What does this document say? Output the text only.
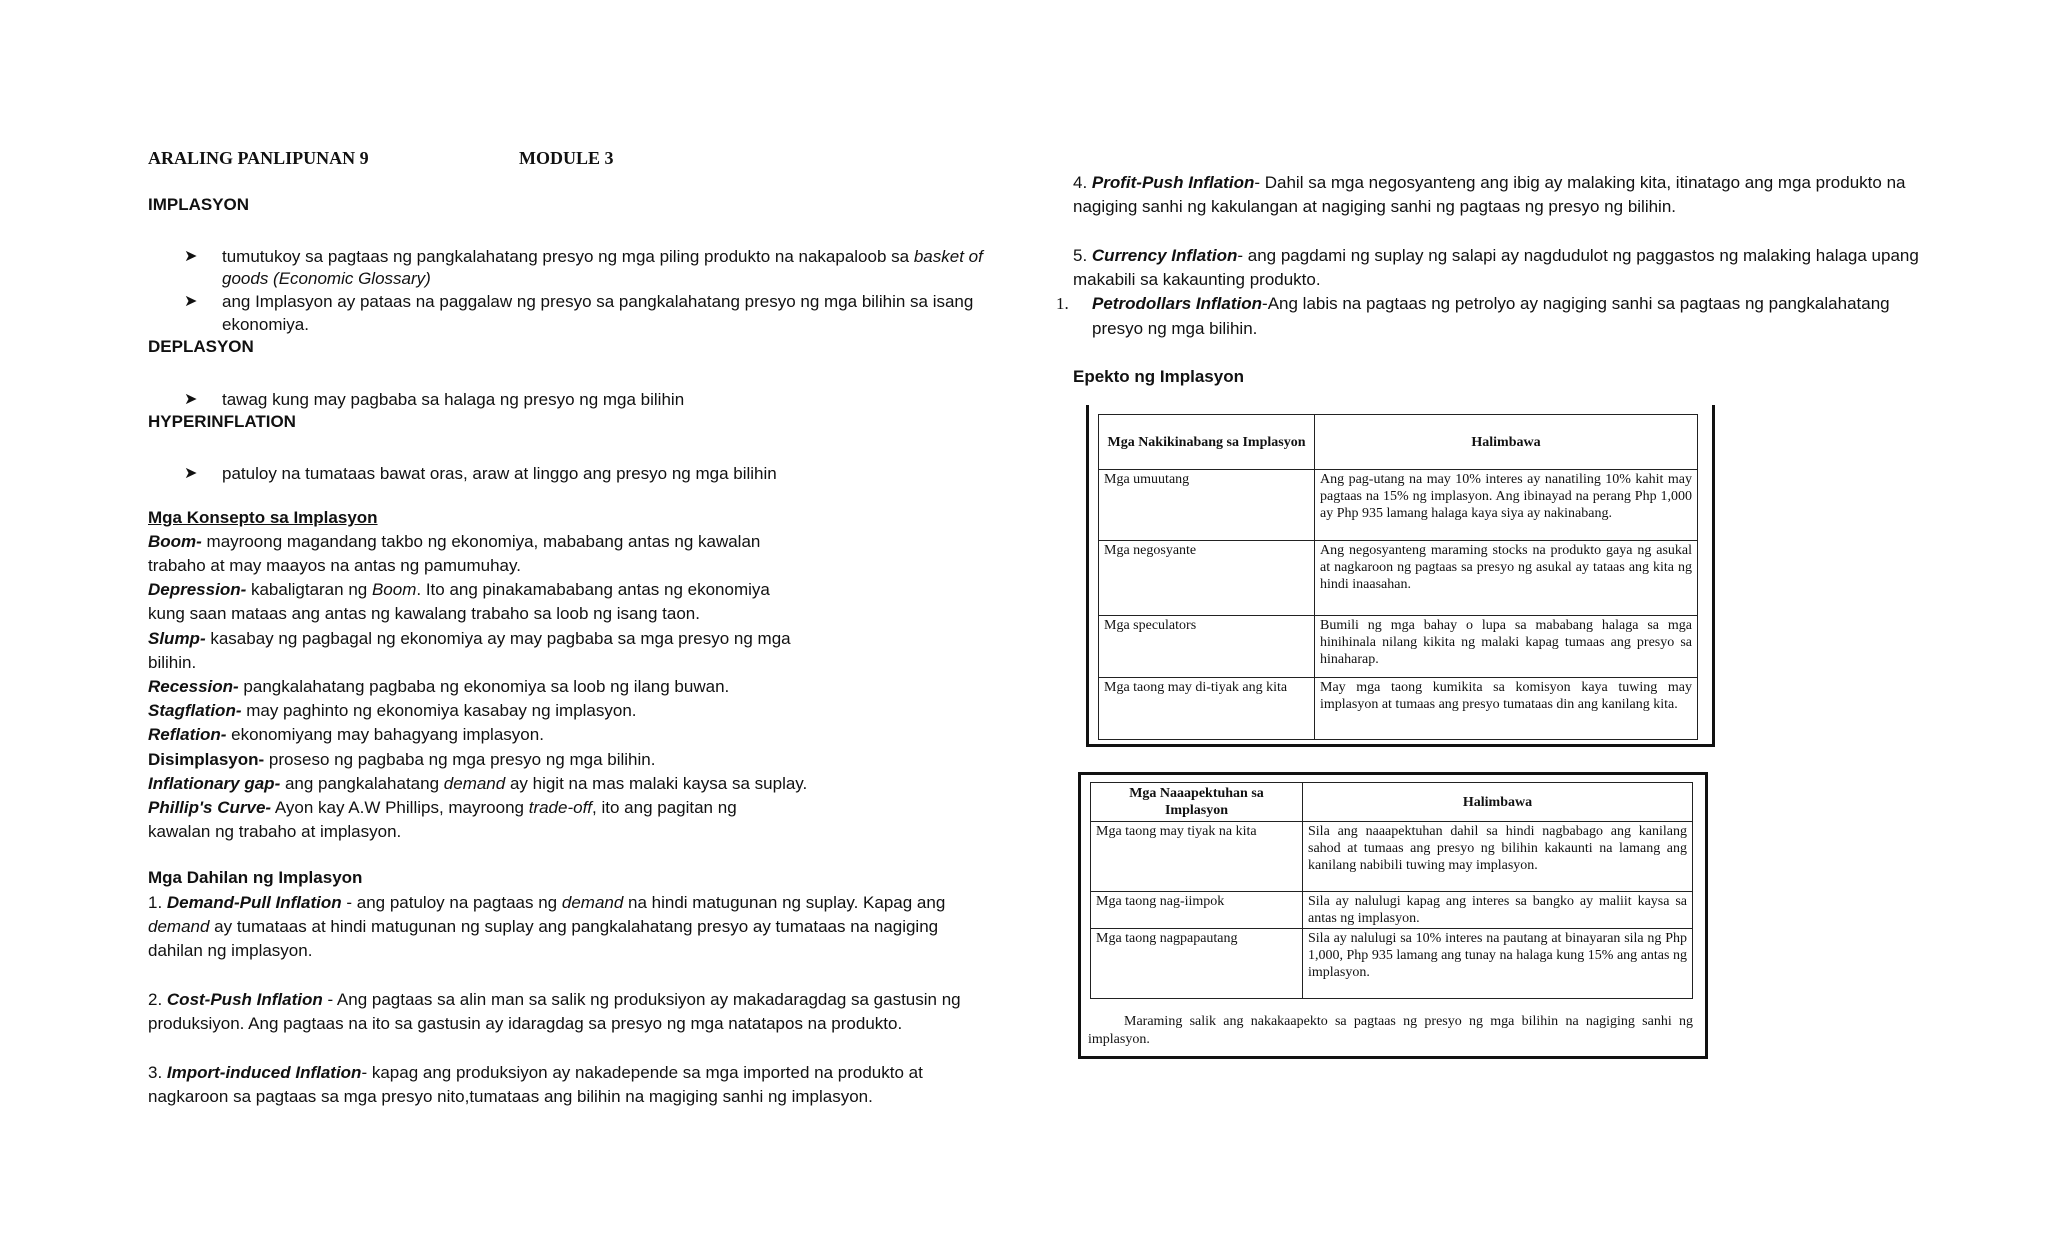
ARALING PANLIPUNAN 9	MODULE 3
IMPLASYON
➤ tumutukoy sa pagtaas ng pangkalahatang presyo ng mga piling produkto na nakapaloob sa basket of
goods (Economic Glossary)
➤ ang Implasyon ay pataas na paggalaw ng presyo sa pangkalahatang presyo ng mga bilihin sa isang
ekonomiya.
DEPLASYON
➤ tawag kung may pagbaba sa halaga ng presyo ng mga bilihin
HYPERINFLATION
➤ patuloy na tumataas bawat oras, araw at linggo ang presyo ng mga bilihin
Mga Konsepto sa Implasyon
Boom- mayroong magandang takbo ng ekonomiya, mababang antas ng kawalan
trabaho at may maayos na antas ng pamumuhay.
Depression- kabaligtaran ng Boom. Ito ang pinakamababang antas ng ekonomiya
kung saan mataas ang antas ng kawalang trabaho sa loob ng isang taon.
Slump- kasabay ng pagbagal ng ekonomiya ay may pagbaba sa mga presyo ng mga
bilihin.
Recession- pangkalahatang pagbaba ng ekonomiya sa loob ng ilang buwan.
Stagflation- may paghinto ng ekonomiya kasabay ng implasyon.
Reflation- ekonomiyang may bahagyang implasyon.
Disimplasyon- proseso ng pagbaba ng mga presyo ng mga bilihin.
Inflationary gap- ang pangkalahatang demand ay higit na mas malaki kaysa sa suplay.
Phillip's Curve- Ayon kay A.W Phillips, mayroong trade-off, ito ang pagitan ng
kawalan ng trabaho at implasyon.
Mga Dahilan ng Implasyon
1. Demand-Pull Inflation - ang patuloy na pagtaas ng demand na hindi matugunan ng suplay. Kapag ang
demand ay tumataas at hindi matugunan ng suplay ang pangkalahatang presyo ay tumataas na nagiging
dahilan ng implasyon.
2. Cost-Push Inflation - Ang pagtaas sa alin man sa salik ng produksiyon ay makadaragdag sa gastusin ng
produksiyon. Ang pagtaas na ito sa gastusin ay idaragdag sa presyo ng mga natatapos na produkto.
3. Import-induced Inflation- kapag ang produksiyon ay nakadepende sa mga imported na produkto at
nagkaroon sa pagtaas sa mga presyo nito,tumataas ang bilihin na magiging sanhi ng implasyon.
4. Profit-Push Inflation- Dahil sa mga negosyanteng ang ibig ay malaking kita, itinatago ang mga produkto na
nagiging sanhi ng kakulangan at nagiging sanhi ng pagtaas ng presyo ng bilihin.
5. Currency Inflation- ang pagdami ng suplay ng salapi ay nagdudulot ng paggastos ng malaking halaga upang
makabili sa kakaunting produkto.
1. Petrodollars Inflation-Ang labis na pagtaas ng petrolyo ay nagiging sanhi sa pagtaas ng pangkalahatang
presyo ng mga bilihin.
Epekto ng Implasyon
Mga Nakikinabang sa Implasyon	Halimbawa
Mga umuutang	Ang pag-utang na may 10% interes ay nanatiling 10% kahit may pagtaas na 15% ng implasyon. Ang ibinayad na perang Php 1,000 ay Php 935 lamang halaga kaya siya ay nakinabang.
Mga negosyante	Ang negosyanteng maraming stocks na produkto gaya ng asukal at nagkaroon ng pagtaas sa presyo ng asukal ay tataas ang kita ng hindi inaasahan.
Mga speculators	Bumili ng mga bahay o lupa sa mababang halaga sa mga hinihinala nilang kikita ng malaki kapag tumaas ang presyo sa hinaharap.
Mga taong may di-tiyak ang kita	May mga taong kumikita sa komisyon kaya tuwing may implasyon at tumaas ang presyo tumataas din ang kanilang kita.
Mga Naaapektuhan sa Implasyon	Halimbawa
Mga taong may tiyak na kita	Sila ang naaapektuhan dahil sa hindi nagbabago ang kanilang sahod at tumaas ang presyo ng bilihin kakaunti na lamang ang kanilang nabibili tuwing may implasyon.
Mga taong nag-iimpok	Sila ay nalulugi kapag ang interes sa bangko ay maliit kaysa sa antas ng implasyon.
Mga taong nagpapautang	Sila ay nalulugi sa 10% interes na pautang at binayaran sila ng Php 1,000, Php 935 lamang ang tunay na halaga kung 15% ang antas ng implasyon.
Maraming salik ang nakakaapekto sa pagtaas ng presyo ng mga bilihin na nagiging sanhi ng implasyon.
